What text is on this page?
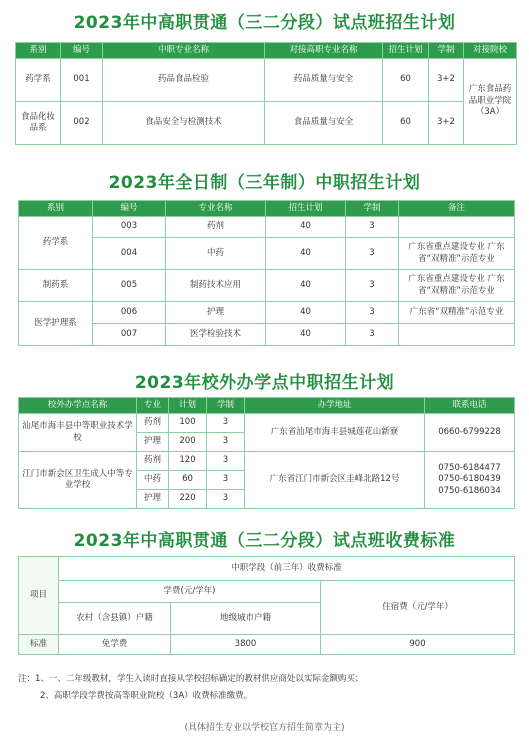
2023年中高职贯通（三二分段）试点班招生计划
系别	编号	中职专业名称	对接高职专业名称	招生计划	学制	对接院校
药学系	001	药品食品检验	药品质量与安全	60	3+2	广东食品药品职业学院（3A）
食品化妆品系	002	食品安全与检测技术	食品质量与安全	60	3+2	
2023年全日制（三年制）中职招生计划
系别	编号	专业名称	招生计划	学制	备注
药学系	003	药剂	40	3	
	004	中药	40	3	广东省重点建设专业 广东省“双精准”示范专业
制药系	005	制药技术应用	40	3	广东省重点建设专业 广东省“双精准”示范专业
医学护理系	006	护理	40	3	广东省“双精准”示范专业
	007	医学检验技术	40	3	
2023年校外办学点中职招生计划
校外办学点名称	专业	计划	学制	办学地址	联系电话
汕尾市海丰县中等职业技术学校	药剂	100	3	广东省汕尾市海丰县城莲花山新寮	0660-6799228
	护理	200	3		
江门市新会区卫生成人中等专业学校	药剂	120	3	广东省江门市新会区圭峰北路12号	0750-6184477
0750-6180439
0750-6186034

	中药	60	3		
	护理	220	3		
2023年中高职贯通（三二分段）试点班收费标准
项目	中职学段（前三年）收费标准		
	学费(元/学年)		住宿费（元/学年）
	农村（含县镇）户籍	地级城市户籍	
标准	免学费	3800	900
注：1、一、二年级教材，学生入读时直接从学校招标确定的教材供应商处以实际金额购买；
2、高职学段学费按高等职业院校（3A）收费标准缴费。
(具体招生专业以学校官方招生简章为主)
